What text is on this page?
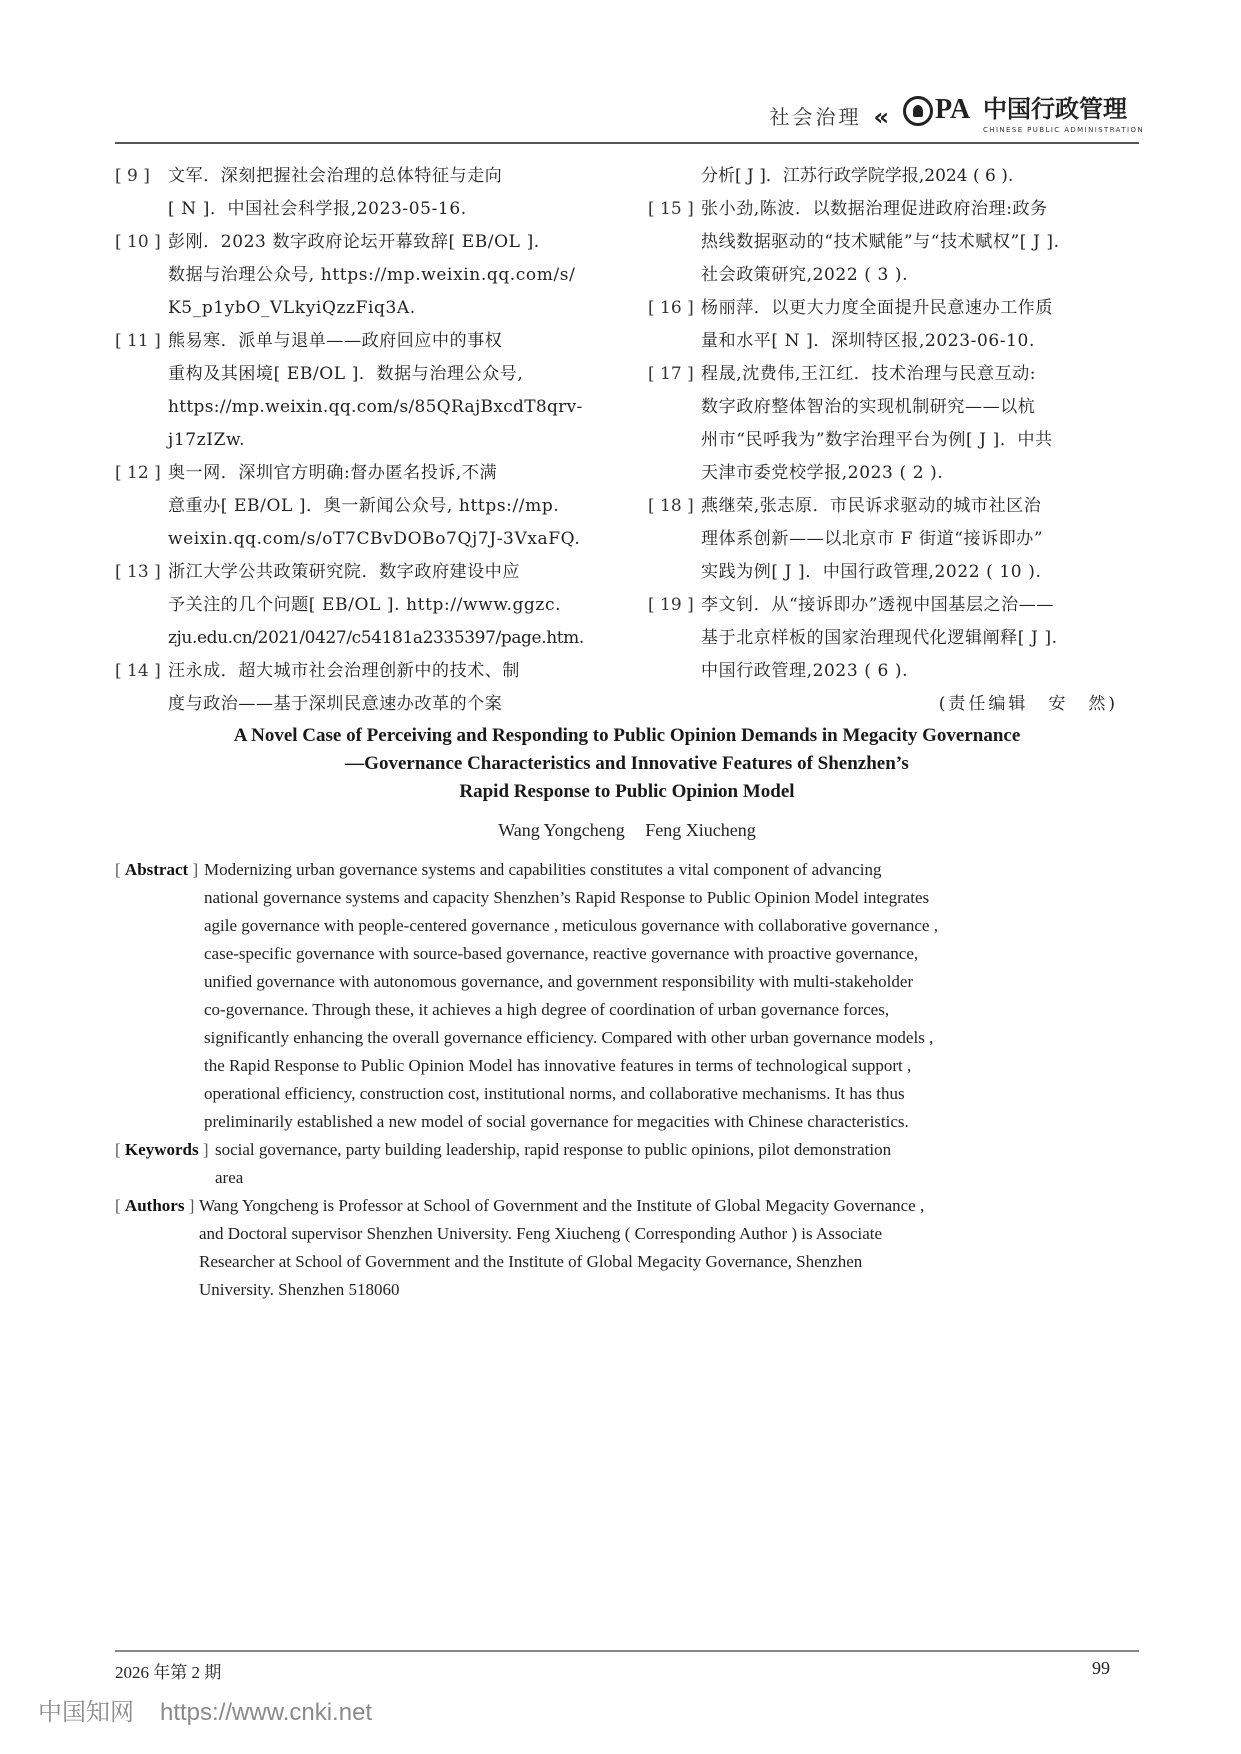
社会治理 « PA 中国行政管理
CHINESE PUBLIC ADMINISTRATION
[ 9 ] 文军．深刻把握社会治理的总体特征与走向
[ N ]．中国社会科学报,2023-05-16.
[ 10 ] 彭刚．2023 数字政府论坛开幕致辞[ EB/OL ].
数据与治理公众号, https://mp.weixin.qq.com/s/
K5_p1ybO_VLkyiQzzFiq3A.
[ 11 ] 熊易寒．派单与退单——政府回应中的事权
重构及其困境[ EB/OL ]．数据与治理公众号,
https://mp.weixin.qq.com/s/85QRajBxcdT8qrv-
j17zIZw.
[ 12 ] 奥一网．深圳官方明确:督办匿名投诉,不满
意重办[ EB/OL ]．奥一新闻公众号, https://mp.
weixin.qq.com/s/oT7CBvDOBo7Qj7J-3VxaFQ.
[ 13 ] 浙江大学公共政策研究院．数字政府建设中应
予关注的几个问题[ EB/OL ]. http://www.ggzc.
zju.edu.cn/2021/0427/c54181a2335397/page.htm.
[ 14 ] 汪永成．超大城市社会治理创新中的技术、制
度与政治——基于深圳民意速办改革的个案
分析[ J ]．江苏行政学院学报,2024 ( 6 ).
[ 15 ] 张小劲,陈波．以数据治理促进政府治理:政务
热线数据驱动的“技术赋能”与“技术赋权”[ J ].
社会政策研究,2022 ( 3 ).
[ 16 ] 杨丽萍．以更大力度全面提升民意速办工作质
量和水平[ N ]．深圳特区报,2023-06-10.
[ 17 ] 程晟,沈费伟,王江红．技术治理与民意互动:
数字政府整体智治的实现机制研究——以杭
州市“民呼我为”数字治理平台为例[ J ]．中共
天津市委党校学报,2023 ( 2 ).
[ 18 ] 燕继荣,张志原．市民诉求驱动的城市社区治
理体系创新——以北京市 F 街道“接诉即办”
实践为例[ J ]．中国行政管理,2022 ( 10 ).
[ 19 ] 李文钊．从“接诉即办”透视中国基层之治——
基于北京样板的国家治理现代化逻辑阐释[ J ].
中国行政管理,2023 ( 6 ).
(责任编辑　安　然)
A Novel Case of Perceiving and Responding to Public Opinion Demands in Megacity Governance
—Governance Characteristics and Innovative Features of Shenzhen’s
Rapid Response to Public Opinion Model
Wang Yongcheng Feng Xiucheng
[ Abstract ] Modernizing urban governance systems and capabilities constitutes a vital component of advancing
national governance systems and capacity Shenzhen’s Rapid Response to Public Opinion Model integrates
agile governance with people-centered governance , meticulous governance with collaborative governance ,
case-specific governance with source-based governance, reactive governance with proactive governance,
unified governance with autonomous governance, and government responsibility with multi-stakeholder
co-governance. Through these, it achieves a high degree of coordination of urban governance forces,
significantly enhancing the overall governance efficiency. Compared with other urban governance models ,
the Rapid Response to Public Opinion Model has innovative features in terms of technological support ,
operational efficiency, construction cost, institutional norms, and collaborative mechanisms. It has thus
preliminarily established a new model of social governance for megacities with Chinese characteristics.
[ Keywords ] social governance, party building leadership, rapid response to public opinions, pilot demonstration
area
[ Authors ] Wang Yongcheng is Professor at School of Government and the Institute of Global Megacity Governance ,
and Doctoral supervisor Shenzhen University. Feng Xiucheng ( Corresponding Author ) is Associate
Researcher at School of Government and the Institute of Global Megacity Governance, Shenzhen
University. Shenzhen 518060
2026 年第 2 期	99
中国知网 https://www.cnki.net
